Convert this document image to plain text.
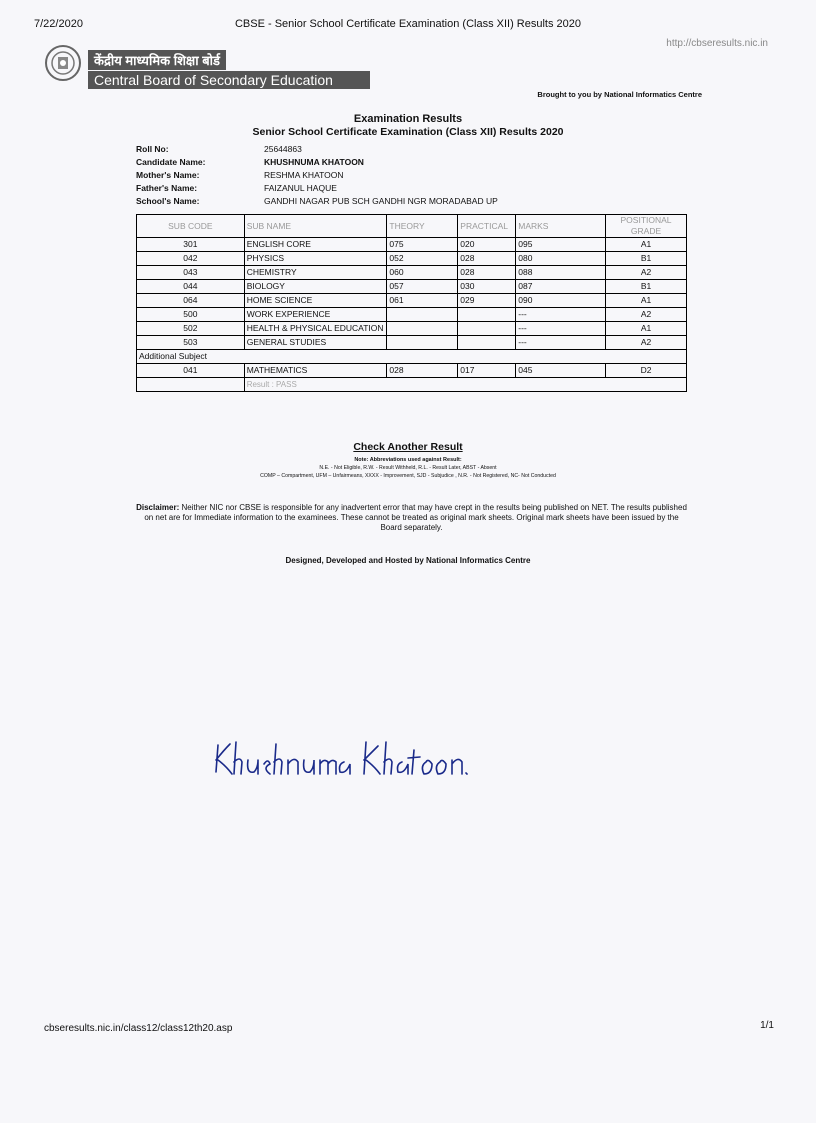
7/22/2020	CBSE - Senior School Certificate Examination (Class XII) Results 2020
http://cbseresults.nic.in
केंद्रीय माध्यमिक शिक्षा बोर्ड
Central Board of Secondary Education
Brought to you by National Informatics Centre
Examination Results
Senior School Certificate Examination (Class XII) Results 2020
Roll No:	25644863
Candidate Name:	KHUSHNUMA KHATOON
Mother's Name:	RESHMA KHATOON
Father's Name:	FAIZANUL HAQUE
School's Name:	GANDHI NAGAR PUB SCH GANDHI NGR MORADABAD UP
SUB CODE	SUB NAME	THEORY	PRACTICAL	MARKS	POSITIONAL GRADE
301	ENGLISH CORE	075	020	095	A1
042	PHYSICS	052	028	080	B1
043	CHEMISTRY	060	028	088	A2
044	BIOLOGY	057	030	087	B1
064	HOME SCIENCE	061	029	090	A1
500	WORK EXPERIENCE			---	A2
502	HEALTH & PHYSICAL EDUCATION			---	A1
503	GENERAL STUDIES			---	A2
Additional Subject					
041	MATHEMATICS	028	017	045	D2
	Result : PASS				
Check Another Result
Note: Abbreviations used against Result:
N.E. - Not Eligible, R.W. - Result Withheld, R.L. - Result Later, ABST - Absent
COMP – Compartment, UFM – Unfairmeans, XXXX - Improvement, SJD - Subjudice , N.R. - Not Registered, NC- Not Conducted
Disclaimer: Neither NIC nor CBSE is responsible for any inadvertent error that may have crept in the results being published on NET. The results published on net are for Immediate information to the examinees. These cannot be treated as original mark sheets. Original mark sheets have been issued by the Board separately.
Designed, Developed and Hosted by National Informatics Centre
cbseresults.nic.in/class12/class12th20.asp	1/1
